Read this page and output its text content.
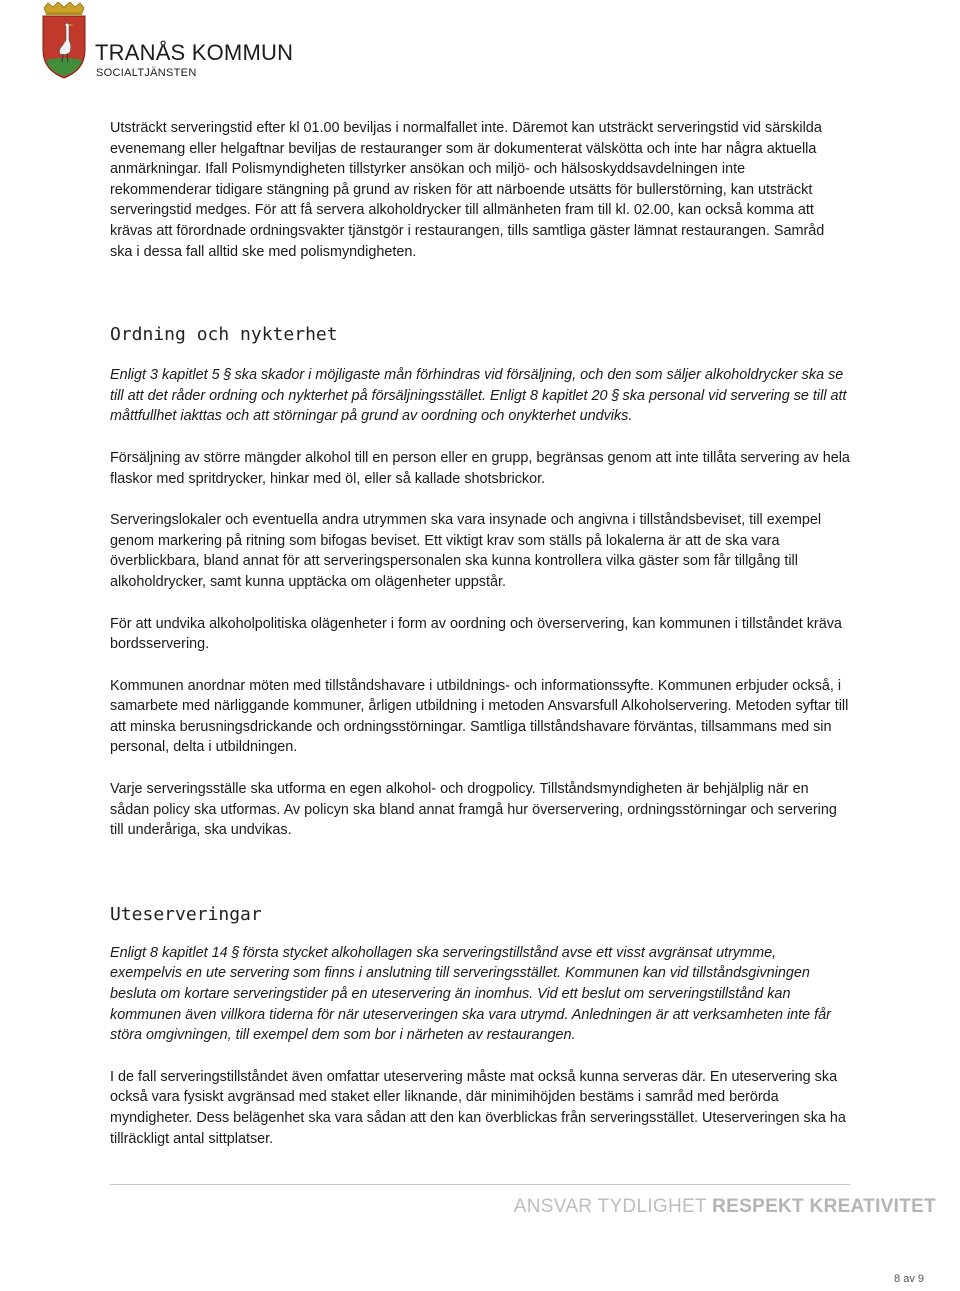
TRANÅS KOMMUN
SOCIALTJÄNSTEN

Utsträckt serveringstid efter kl 01.00 beviljas i normalfallet inte. Däremot kan utsträckt serveringstid vid särskilda evenemang eller helgaftnar beviljas de restauranger som är dokumenterat välskötta och inte har några aktuella anmärkningar. Ifall Polismyndigheten tillstyrker ansökan och miljö- och hälsoskyddsavdelningen inte rekommenderar tidigare stängning på grund av risken för att närboende utsätts för bullerstörning, kan utsträckt serveringstid medges. För att få servera alkoholdrycker till allmänheten fram till kl. 02.00, kan också komma att krävas att förordnade ordningsvakter tjänstgör i restaurangen, tills samtliga gäster lämnat restaurangen. Samråd ska i dessa fall alltid ske med polismyndigheten.

Ordning och nykterhet

Enligt 3 kapitlet 5 § ska skador i möjligaste mån förhindras vid försäljning, och den som säljer alkoholdrycker ska se till att det råder ordning och nykterhet på försäljningsstället. Enligt 8 kapitlet 20 § ska personal vid servering se till att måttfullhet iakttas och att störningar på grund av oordning och onykterhet undviks.

Försäljning av större mängder alkohol till en person eller en grupp, begränsas genom att inte tillåta servering av hela flaskor med spritdrycker, hinkar med öl, eller så kallade shotsbrickor.

Serveringslokaler och eventuella andra utrymmen ska vara insynade och angivna i tillståndsbeviset, till exempel genom markering på ritning som bifogas beviset. Ett viktigt krav som ställs på lokalerna är att de ska vara överblickbara, bland annat för att serveringspersonalen ska kunna kontrollera vilka gäster som får tillgång till alkoholdrycker, samt kunna upptäcka om olägenheter uppstår.

För att undvika alkoholpolitiska olägenheter i form av oordning och överservering, kan kommunen i tillståndet kräva bordsservering.

Kommunen anordnar möten med tillståndshavare i utbildnings- och informationssyfte. Kommunen erbjuder också, i samarbete med närliggande kommuner, årligen utbildning i metoden Ansvarsfull Alkoholservering. Metoden syftar till att minska berusningsdrickande och ordningsstörningar. Samtliga tillståndshavare förväntas, tillsammans med sin personal, delta i utbildningen.

Varje serveringsställe ska utforma en egen alkohol- och drogpolicy. Tillståndsmyndigheten är behjälplig när en sådan policy ska utformas. Av policyn ska bland annat framgå hur överservering, ordningsstörningar och servering till underåriga, ska undvikas.

Uteserveringar

Enligt 8 kapitlet 14 § första stycket alkohollagen ska serveringstillstånd avse ett visst avgränsat utrymme, exempelvis en ute servering som finns i anslutning till serveringsstället. Kommunen kan vid tillståndsgivningen besluta om kortare serveringstider på en uteservering än inomhus. Vid ett beslut om serveringstillstånd kan kommunen även villkora tiderna för när uteserveringen ska vara utrymd. Anledningen är att verksamheten inte får störa omgivningen, till exempel dem som bor i närheten av restaurangen.

I de fall serveringstillståndet även omfattar uteservering måste mat också kunna serveras där. En uteservering ska också vara fysiskt avgränsad med staket eller liknande, där minimihöjden bestäms i samråd med berörda myndigheter. Dess belägenhet ska vara sådan att den kan överblickas från serveringsstället. Uteserveringen ska ha tillräckligt antal sittplatser.

ANSVAR TYDLIGHET RESPEKT KREATIVITET
8 av 9
